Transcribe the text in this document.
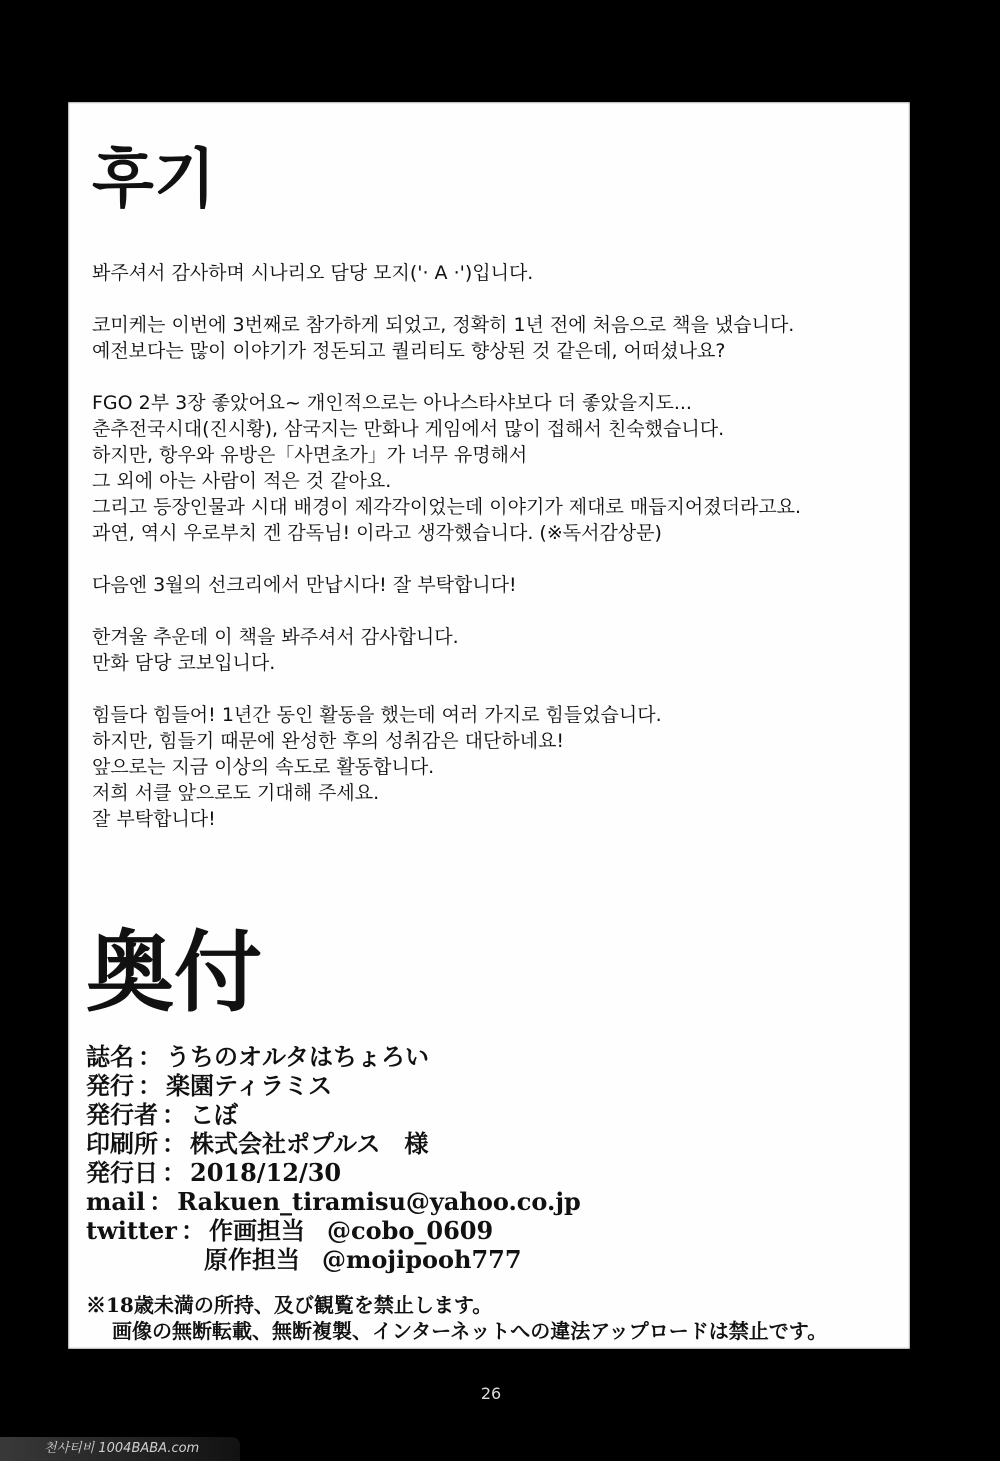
후기
봐주셔서 감사하며 시나리오 담당 모지('· A ·')입니다.
코미케는 이번에 3번째로 참가하게 되었고, 정확히 1년 전에 처음으로 책을 냈습니다.
예전보다는 많이 이야기가 정돈되고 퀄리티도 향상된 것 같은데, 어떠셨나요?
FGO 2부 3장 좋았어요~ 개인적으로는 아나스타샤보다 더 좋았을지도...
춘추전국시대(진시황), 삼국지는 만화나 게임에서 많이 접해서 친숙했습니다.
하지만, 항우와 유방은「사면초가」가 너무 유명해서
그 외에 아는 사람이 적은 것 같아요.
그리고 등장인물과 시대 배경이 제각각이었는데 이야기가 제대로 매듭지어졌더라고요.
과연, 역시 우로부치 겐 감독님! 이라고 생각했습니다. (※독서감상문)
다음엔 3월의 선크리에서 만납시다! 잘 부탁합니다!
한겨울 추운데 이 책을 봐주셔서 감사합니다.
만화 담당 코보입니다.
힘들다 힘들어! 1년간 동인 활동을 했는데 여러 가지로 힘들었습니다.
하지만, 힘들기 때문에 완성한 후의 성취감은 대단하네요!
앞으로는 지금 이상의 속도로 활동합니다.
저희 서클 앞으로도 기대해 주세요.
잘 부탁합니다!
奥付
誌名 ： うちのオルタはちょろい
発行 ： 楽園ティラミス
発行者 ： こぼ
印刷所 ： 株式会社ポプルス　様
発行日 ： 2018/12/30
mail ： Rakuen_tiramisu@yahoo.co.jp
twitter ： 作画担当 @cobo_0609
原作担当 @mojipooh777
※18歳未満の所持、及び観覧を禁止します。
画像の無断転載、無断複製、インターネットへの違法アップロードは禁止です。
26
천사티비 1004BABA.com
